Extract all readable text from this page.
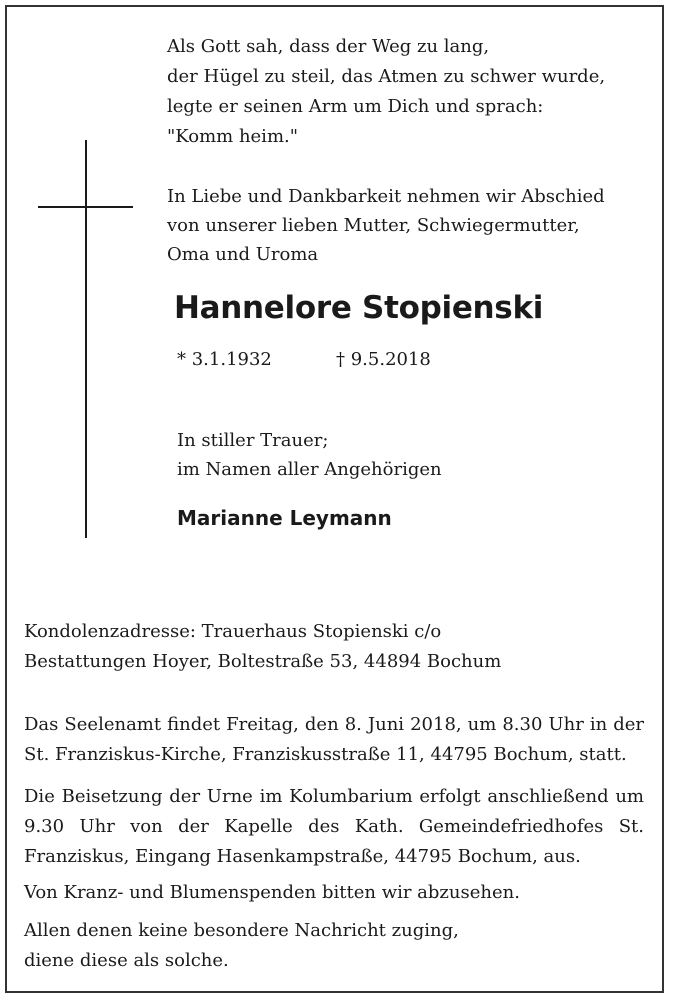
Als Gott sah, dass der Weg zu lang,
der Hügel zu steil, das Atmen zu schwer wurde,
legte er seinen Arm um Dich und sprach:
"Komm heim."
In Liebe und Dankbarkeit nehmen wir Abschied
von unserer lieben Mutter, Schwiegermutter,
Oma und Uroma
Hannelore Stopienski
* 3.1.1932	† 9.5.2018
In stiller Trauer;
im Namen aller Angehörigen
Marianne Leymann
Kondolenzadresse: Trauerhaus Stopienski c/o
Bestattungen Hoyer, Boltestraße 53, 44894 Bochum
Das Seelenamt findet Freitag, den 8. Juni 2018, um 8.30 Uhr in der St. Franziskus-Kirche, Franziskusstraße 11, 44795 Bochum, statt.
Die Beisetzung der Urne im Kolumbarium erfolgt anschließend um 9.30 Uhr von der Kapelle des Kath. Gemeindefriedhofes St. Franziskus, Eingang Hasenkampstraße, 44795 Bochum, aus.
Von Kranz- und Blumenspenden bitten wir abzusehen.
Allen denen keine besondere Nachricht zuging,
diene diese als solche.
